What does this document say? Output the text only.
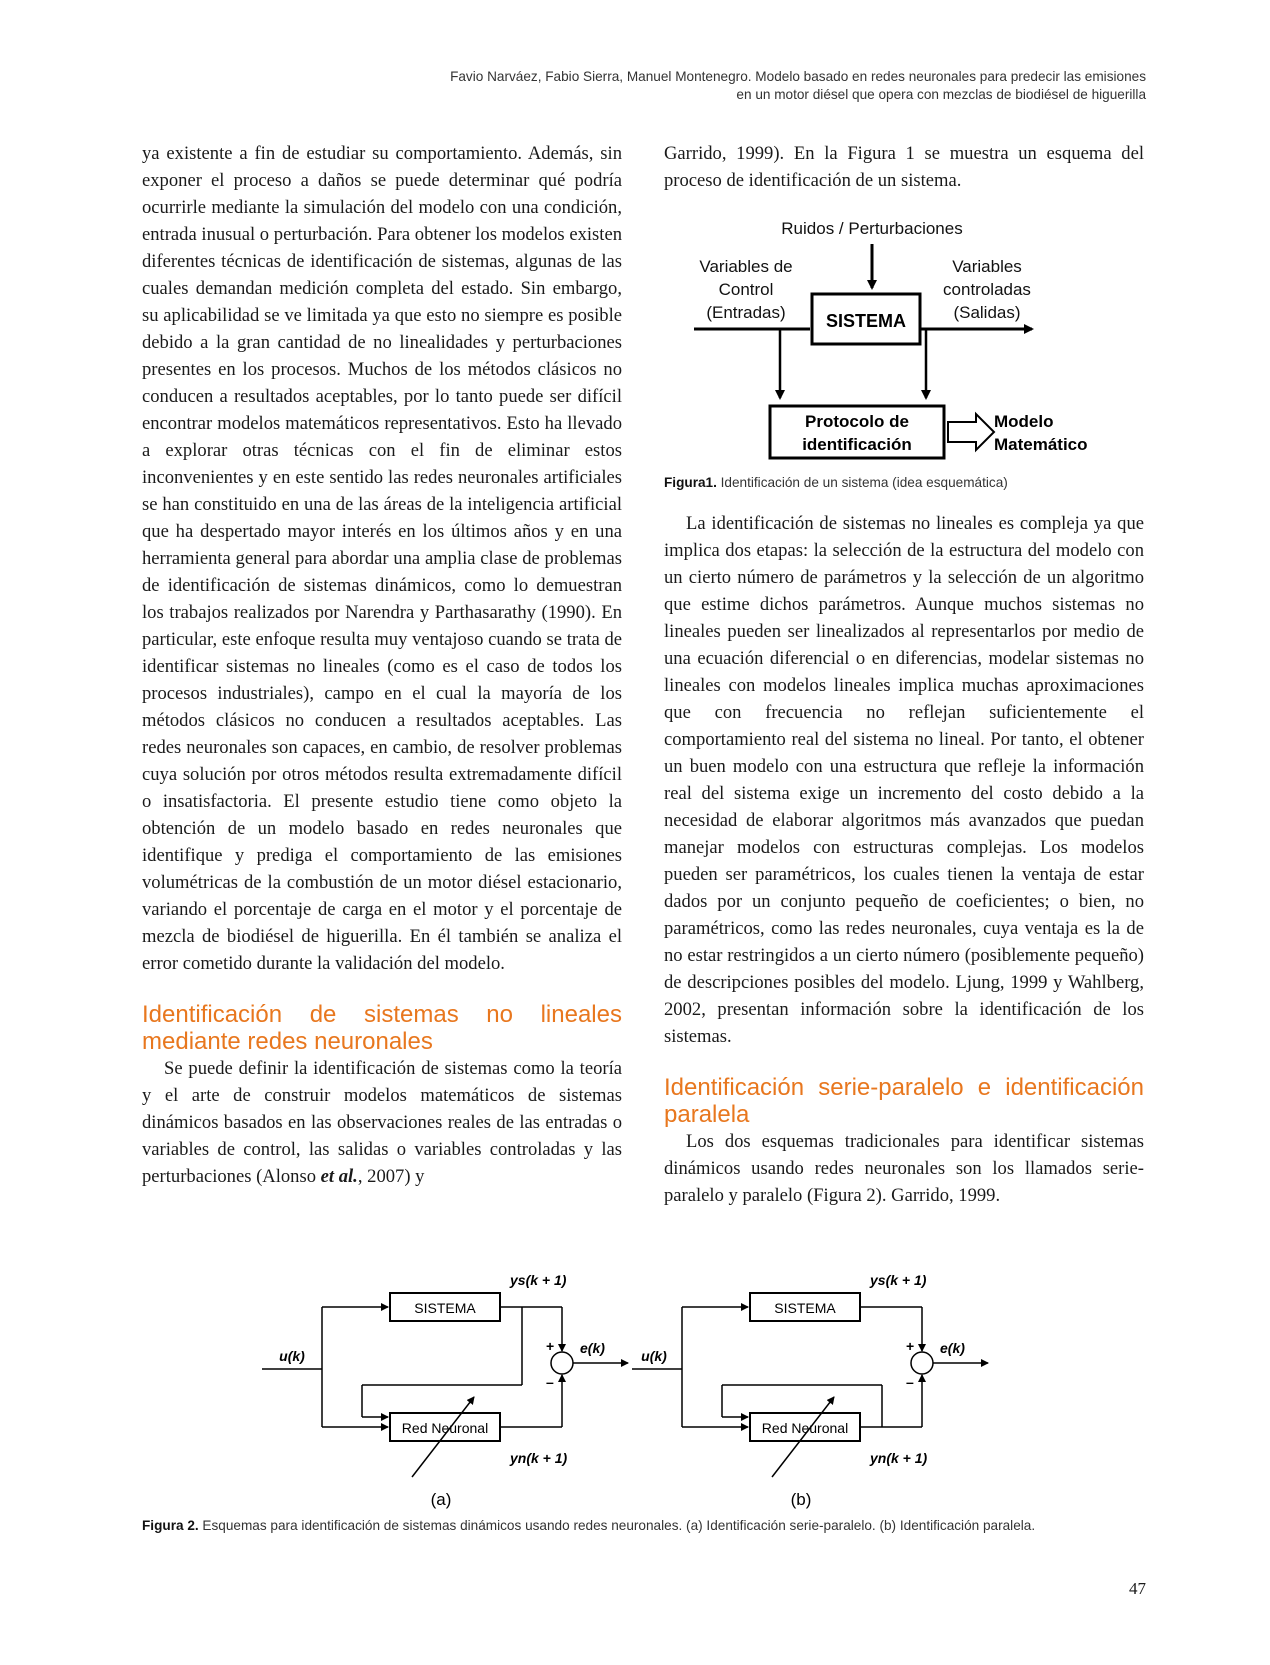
Favio Narváez, Fabio Sierra, Manuel Montenegro. Modelo basado en redes neuronales para predecir las emisiones
en un motor diésel que opera con mezclas de biodiésel de higuerilla

ya existente a fin de estudiar su comportamiento. Además, sin exponer el proceso a daños se puede determinar qué podría ocurrirle mediante la simulación del modelo con una condición, entrada inusual o perturbación. Para obtener los modelos existen diferentes técnicas de identificación de sistemas, algunas de las cuales demandan medición completa del estado. Sin embargo, su aplicabilidad se ve limitada ya que esto no siempre es posible debido a la gran cantidad de no linealidades y perturbaciones presentes en los procesos. Muchos de los métodos clásicos no conducen a resultados aceptables, por lo tanto puede ser difícil encontrar modelos matemáticos representativos. Esto ha llevado a explorar otras técnicas con el fin de eliminar estos inconvenientes y en este sentido las redes neuronales artificiales se han constituido en una de las áreas de la inteligencia artificial que ha despertado mayor interés en los últimos años y en una herramienta general para abordar una amplia clase de problemas de identificación de sistemas dinámicos, como lo demuestran los trabajos realizados por Narendra y Parthasarathy (1990). En particular, este enfoque resulta muy ventajoso cuando se trata de identificar sistemas no lineales (como es el caso de todos los procesos industriales), campo en el cual la mayoría de los métodos clásicos no conducen a resultados aceptables. Las redes neuronales son capaces, en cambio, de resolver problemas cuya solución por otros métodos resulta extremadamente difícil o insatisfactoria. El presente estudio tiene como objeto la obtención de un modelo basado en redes neuronales que identifique y prediga el comportamiento de las emisiones volumétricas de la combustión de un motor diésel estacionario, variando el porcentaje de carga en el motor y el porcentaje de mezcla de biodiésel de higuerilla. En él también se analiza el error cometido durante la validación del modelo.

Identificación de sistemas no lineales mediante redes neuronales

Se puede definir la identificación de sistemas como la teoría y el arte de construir modelos matemáticos de sistemas dinámicos basados en las observaciones reales de las entradas o variables de control, las salidas o variables controladas y las perturbaciones (Alonso et al., 2007) y

Garrido, 1999). En la Figura 1 se muestra un esquema del proceso de identificación de un sistema.

Ruidos / Perturbaciones
Variables de
Control
(Entradas)
Variables
controladas
(Salidas)
SISTEMA
Protocolo de
identificación
Modelo
Matemático
Figura1. Identificación de un sistema (idea esquemática)

La identificación de sistemas no lineales es compleja ya que implica dos etapas: la selección de la estructura del modelo con un cierto número de parámetros y la selección de un algoritmo que estime dichos parámetros. Aunque muchos sistemas no lineales pueden ser linealizados al representarlos por medio de una ecuación diferencial o en diferencias, modelar sistemas no lineales con modelos lineales implica muchas aproximaciones que con frecuencia no reflejan suficientemente el comportamiento real del sistema no lineal. Por tanto, el obtener un buen modelo con una estructura que refleje la información real del sistema exige un incremento del costo debido a la necesidad de elaborar algoritmos más avanzados que puedan manejar modelos con estructuras complejas. Los modelos pueden ser paramétricos, los cuales tienen la ventaja de estar dados por un conjunto pequeño de coeficientes; o bien, no paramétricos, como las redes neuronales, cuya ventaja es la de no estar restringidos a un cierto número (posiblemente pequeño) de descripciones posibles del modelo. Ljung, 1999 y Wahlberg, 2002, presentan información sobre la identificación de los sistemas.

Identificación serie-paralelo e identificación paralela

Los dos esquemas tradicionales para identificar sistemas dinámicos usando redes neuronales son los llamados serie-paralelo y paralelo (Figura 2). Garrido, 1999.

SISTEMA
Red Neuronal
u(k)
ys(k + 1)
yn(k + 1)
e(k)
+
–
(a)
SISTEMA
Red Neuronal
u(k)
ys(k + 1)
yn(k + 1)
e(k)
+
–
(b)
Figura 2. Esquemas para identificación de sistemas dinámicos usando redes neuronales. (a) Identificación serie-paralelo. (b) Identificación paralela.
47
